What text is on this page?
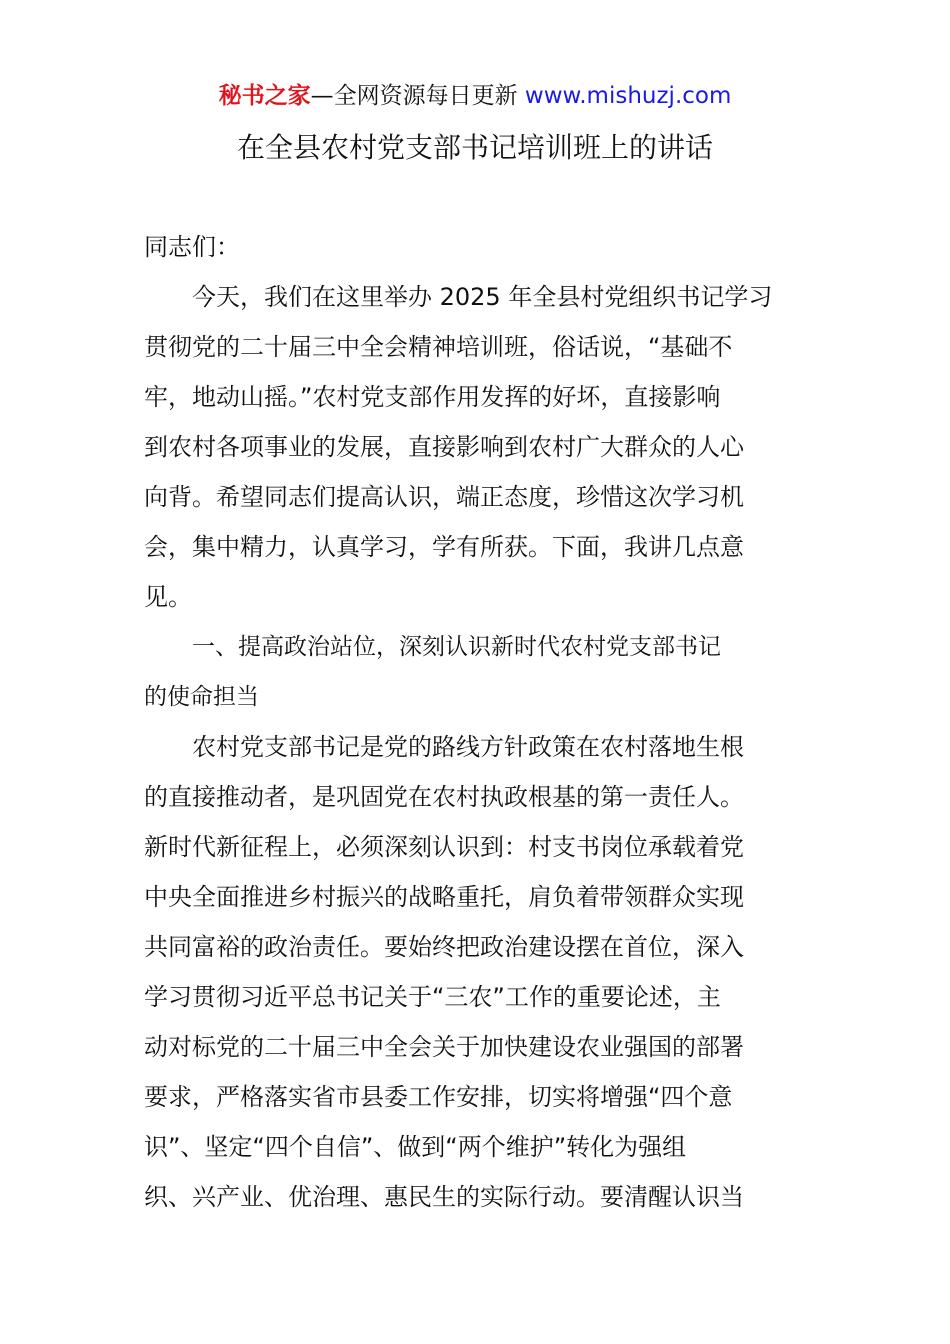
秘书之家—全网资源每日更新 www.mishuzj.com
在全县农村党支部书记培训班上的讲话
同志们：
今天，我们在这里举办 2025 年全县村党组织书记学习
贯彻党的二十届三中全会精神培训班，俗话说，“基础不
牢，地动山摇。”农村党支部作用发挥的好坏，直接影响
到农村各项事业的发展，直接影响到农村广大群众的人心
向背。希望同志们提高认识，端正态度，珍惜这次学习机
会，集中精力，认真学习，学有所获。下面，我讲几点意
见。
一、提高政治站位，深刻认识新时代农村党支部书记
的使命担当
农村党支部书记是党的路线方针政策在农村落地生根
的直接推动者，是巩固党在农村执政根基的第一责任人。
新时代新征程上，必须深刻认识到：村支书岗位承载着党
中央全面推进乡村振兴的战略重托，肩负着带领群众实现
共同富裕的政治责任。要始终把政治建设摆在首位，深入
学习贯彻习近平总书记关于“三农”工作的重要论述，主
动对标党的二十届三中全会关于加快建设农业强国的部署
要求，严格落实省市县委工作安排，切实将增强“四个意
识”、坚定“四个自信”、做到“两个维护”转化为强组
织、兴产业、优治理、惠民生的实际行动。要清醒认识当
